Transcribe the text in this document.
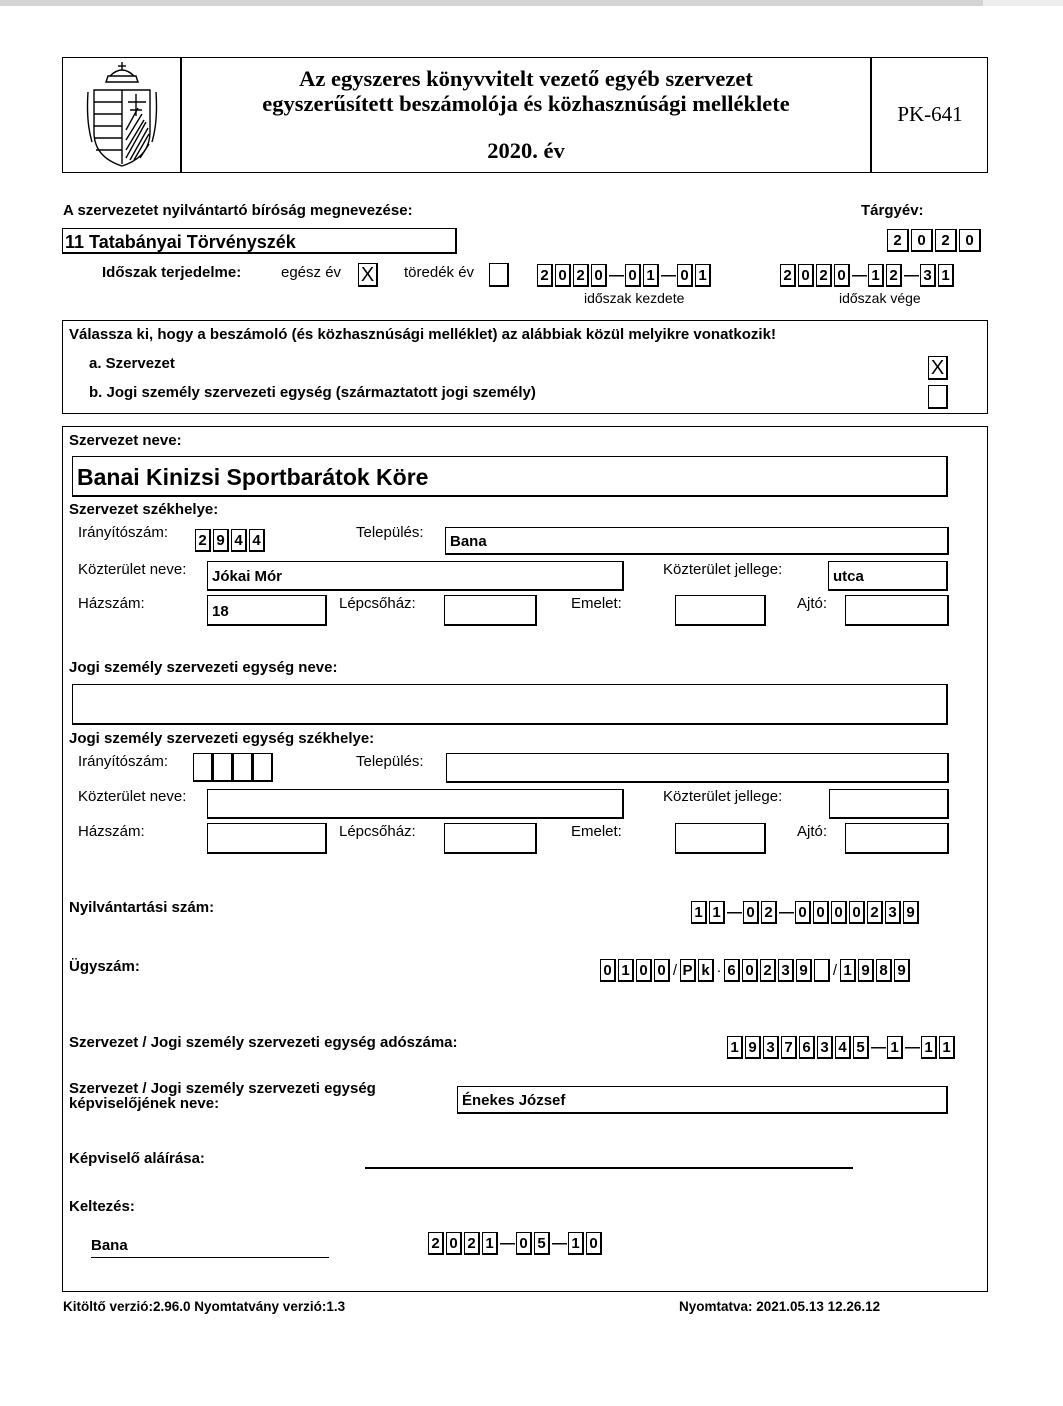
Az egyszeres könyvvitelt vezető egyéb szervezet
egyszerűsített beszámolója és közhasznúsági melléklete
2020. év
PK-641
A szervezetet nyilvántartó bíróság megnevezése:	Tárgyév:
11 Tatabányai Törvényszék	2	0	2	0
Időszak terjedelme:	egész év X töredék év	2 0 2 0 — 0 1 — 0 1
időszak kezdete
2 0 2 0 — 1 2 — 3 1
időszak vége
Válassza ki, hogy a beszámoló (és közhasznúsági melléklet) az alábbiak közül melyikre vonatkozik!
a. Szervezet	X
b. Jogi személy szervezeti egység (származtatott jogi személy)
Szervezet neve:
Banai Kinizsi Sportbarátok Köre
Szervezet székhelye:
Irányítószám: 2 9 4 4	Település:
Bana
Közterület neve: Jókai Mór	Közterület jellege:	utca
Házszám:	18	Lépcsőház:	Emelet:	Ajtó:
Jogi személy szervezeti egység neve:
Jogi személy szervezeti egység székhelye:
Irányítószám:	Település:
Közterület neve:	Közterület jellege:
Házszám:	Lépcsőház:	Emelet:	Ajtó:
Nyilvántartási szám:	1 1 — 0 2 — 0 0 0 0 2 3 9
Ügyszám:	0 1 0 0 / P k · 6 0 2 3 9 / 1 9 8 9
Szervezet / Jogi személy szervezeti egység adószáma:	1 9 3 7 6 3 4 5 — 1 — 1 1
Szervezet / Jogi személy szervezeti egység
képviselőjének neve:	Énekes József
Képviselő aláírása:
Keltezés:
Bana	2 0 2 1 — 0 5 — 1 0
Kitöltő verzió:2.96.0 Nyomtatvány verzió:1.3	Nyomtatva: 2021.05.13 12.26.12
